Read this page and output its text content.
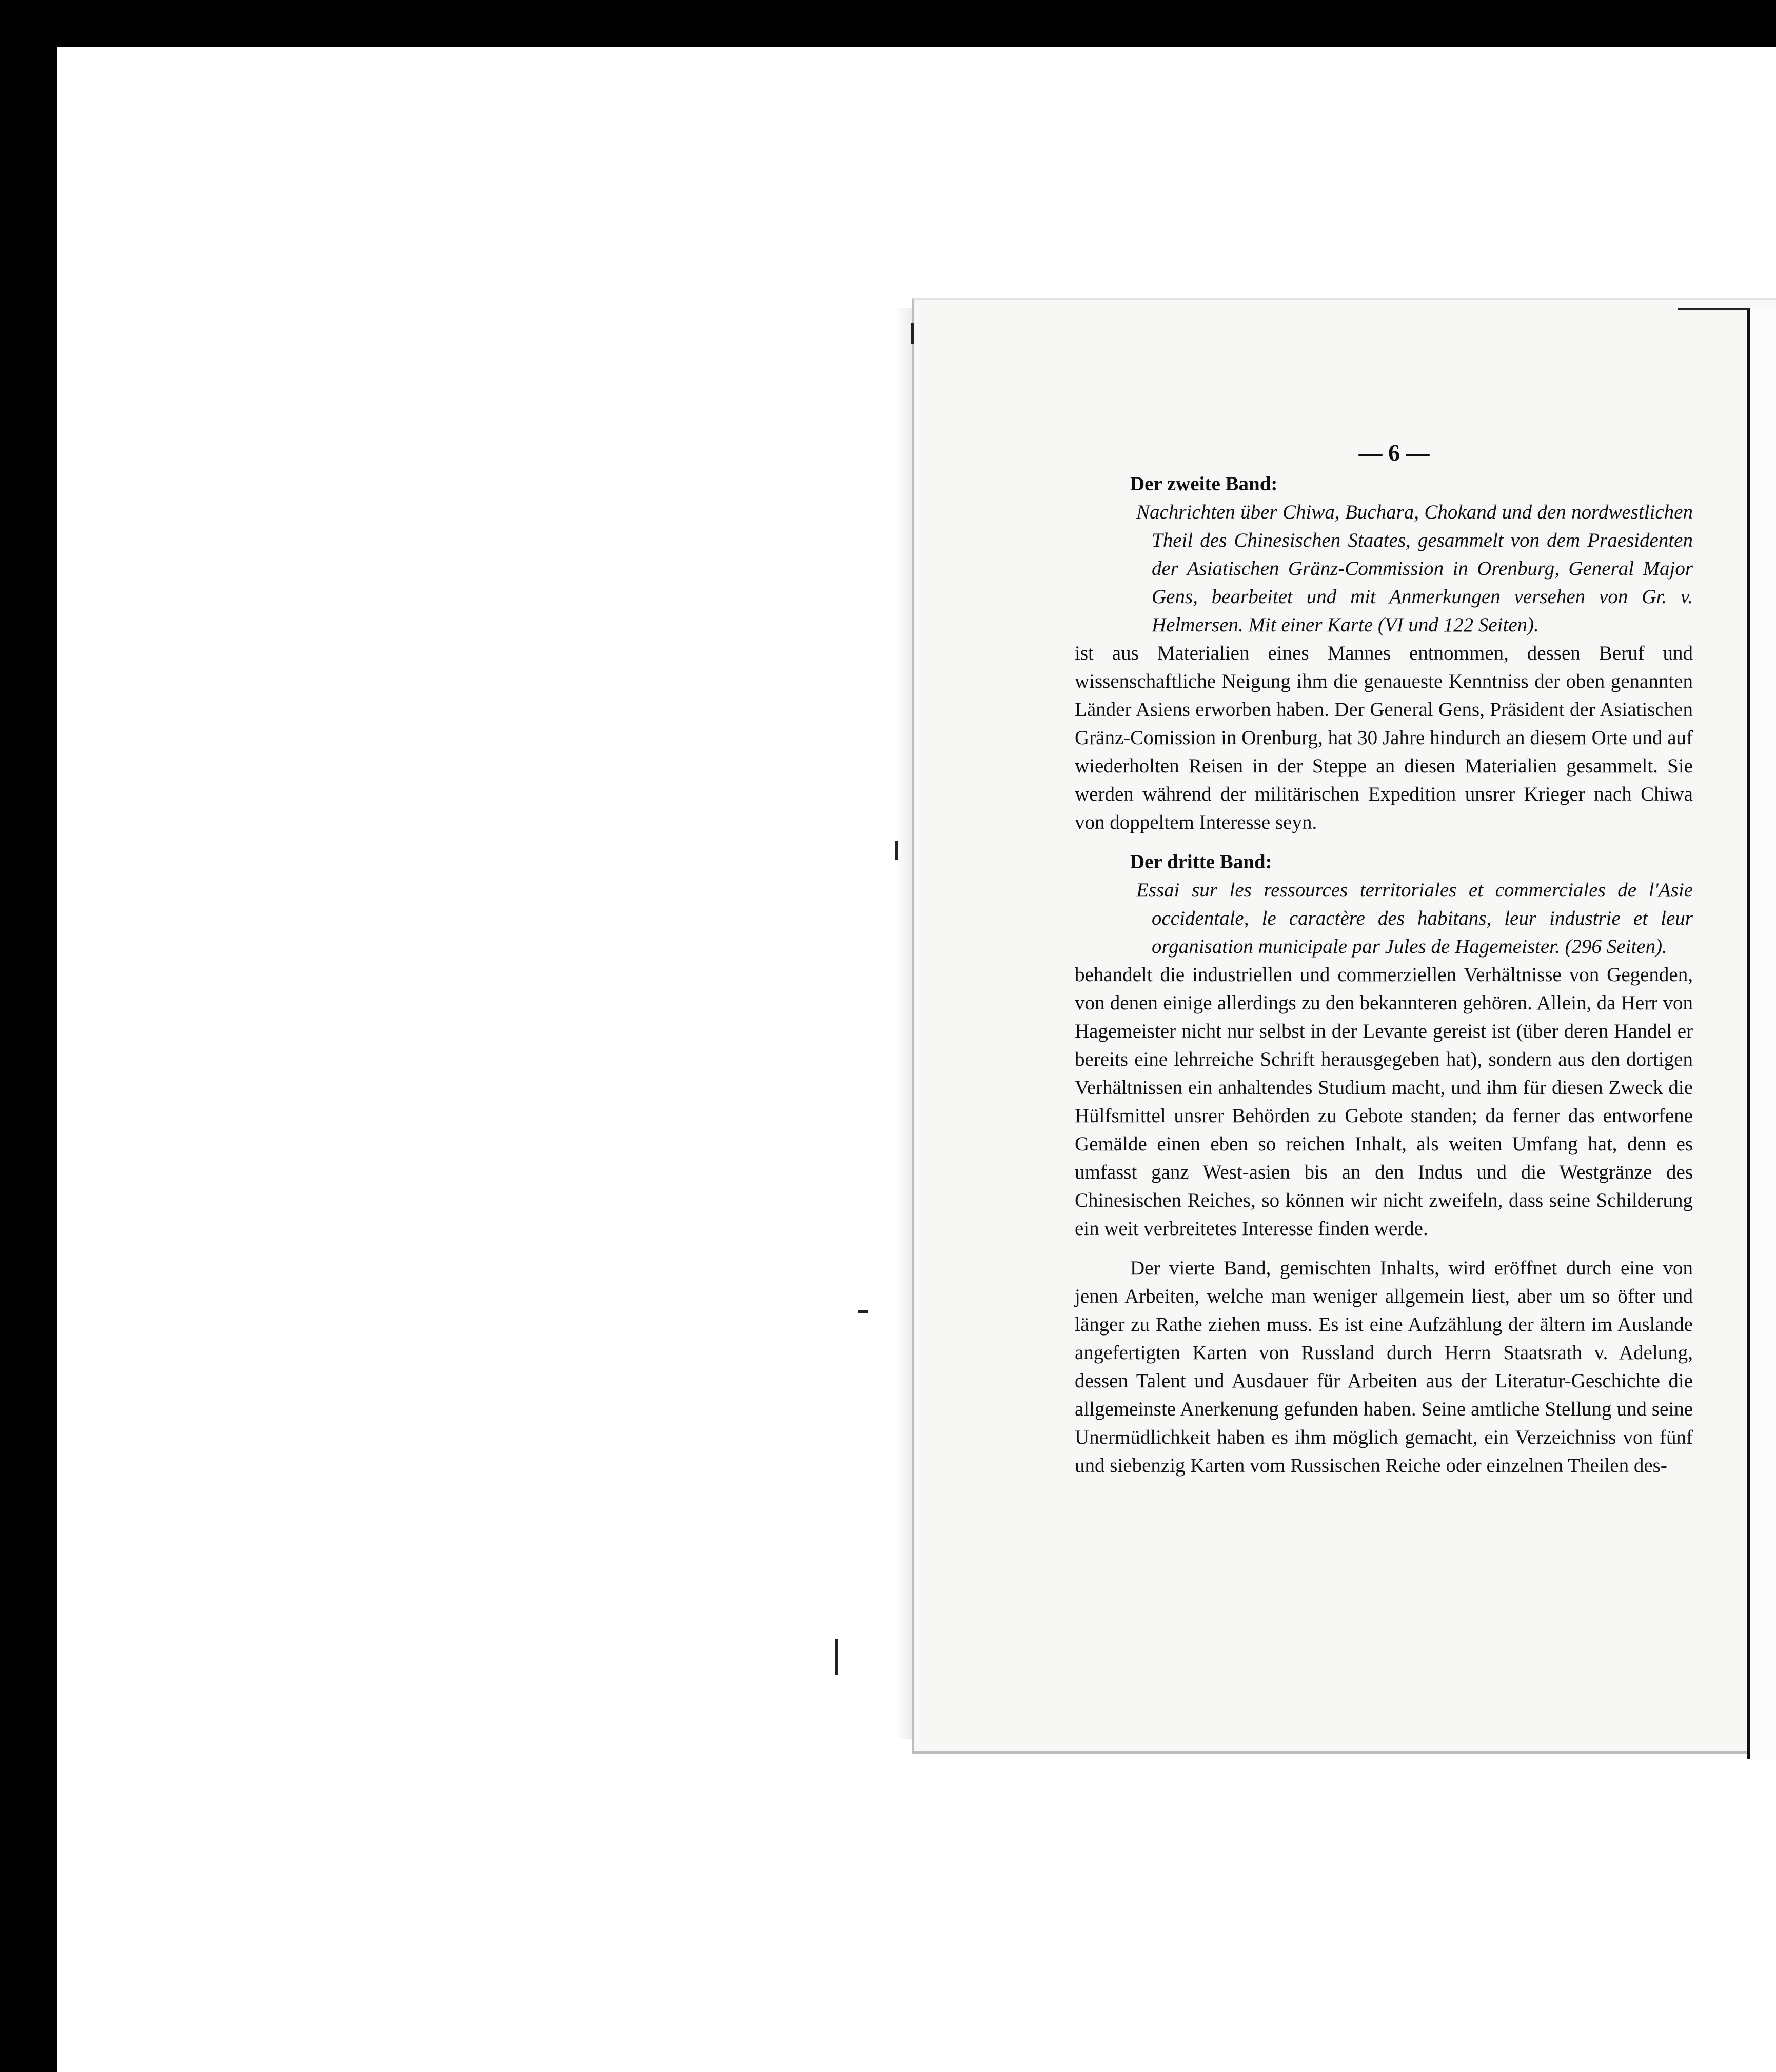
— 6 —
Der zweite Band:
Nachrichten über Chiwa, Buchara, Chokand und den nordwestlichen Theil des Chinesischen Staates, gesammelt von dem Praesidenten der Asiatischen Gränz-Commission in Orenburg, General Major Gens, bearbeitet und mit Anmerkungen versehen von Gr. v. Helmersen. Mit einer Karte (VI und 122 Seiten).

ist aus Materialien eines Mannes entnommen, dessen Beruf und wissenschaftliche Neigung ihm die genaueste Kenntniss der oben genannten Länder Asiens erworben haben. Der General Gens, Präsident der Asiatischen Gränz-Comission in Orenburg, hat 30 Jahre hindurch an diesem Orte und auf wiederholten Reisen in der Steppe an diesen Materialien gesammelt. Sie werden während der militärischen Expedition unsrer Krieger nach Chiwa von doppeltem Interesse seyn.

Der dritte Band:
Essai sur les ressources territoriales et commerciales de l'Asie occidentale, le caractère des habitans, leur industrie et leur organisation municipale par Jules de Hagemeister. (296 Seiten).

behandelt die industriellen und commerziellen Verhältnisse von Gegenden, von denen einige allerdings zu den bekannteren gehören. Allein, da Herr von Hagemeister nicht nur selbst in der Levante gereist ist (über deren Handel er bereits eine lehrreiche Schrift herausgegeben hat), sondern aus den dortigen Verhältnissen ein anhaltendes Studium macht, und ihm für diesen Zweck die Hülfsmittel unsrer Behörden zu Gebote standen; da ferner das entworfene Gemälde einen eben so reichen Inhalt, als weiten Umfang hat, denn es umfasst ganz West-asien bis an den Indus und die Westgränze des Chinesischen Reiches, so können wir nicht zweifeln, dass seine Schilderung ein weit verbreitetes Interesse finden werde.

Der vierte Band, gemischten Inhalts, wird eröffnet durch eine von jenen Arbeiten, welche man weniger allgemein liest, aber um so öfter und länger zu Rathe ziehen muss. Es ist eine Aufzählung der ältern im Auslande angefertigten Karten von Russland durch Herrn Staatsrath v. Adelung, dessen Talent und Ausdauer für Arbeiten aus der Literatur-Geschichte die allgemeinste Anerkenung gefunden haben. Seine amtliche Stellung und seine Unermüdlichkeit haben es ihm möglich gemacht, ein Verzeichniss von fünf und siebenzig Karten vom Russischen Reiche oder einzelnen Theilen des-
